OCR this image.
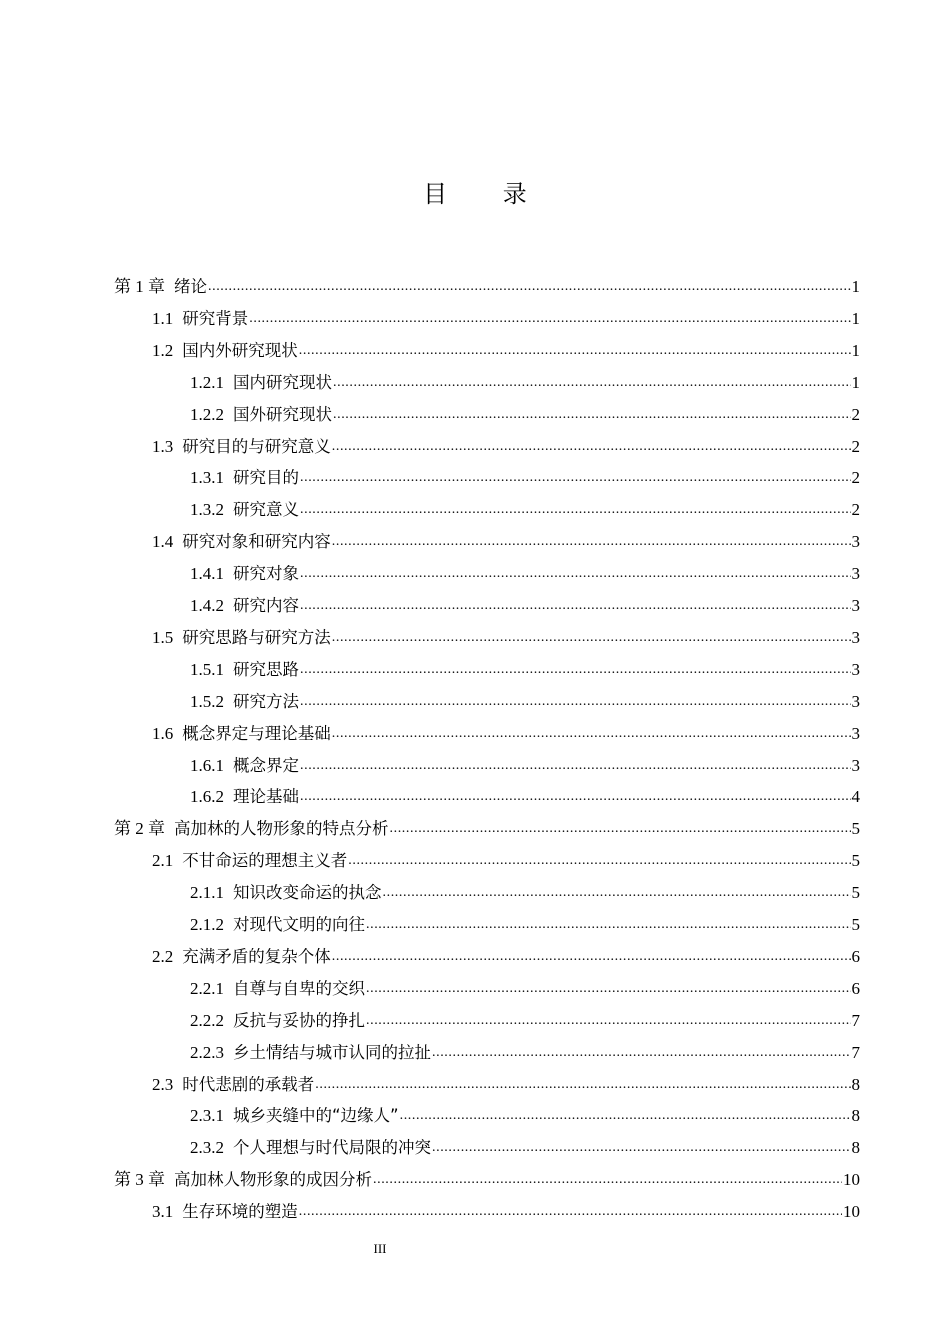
目 录
第 1 章 绪论 .....	1
1.1 研究背景 .....	1
1.2 国内外研究现状 .....	1
1.2.1 国内研究现状 .....	1
1.2.2 国外研究现状 .....	2
1.3 研究目的与研究意义 .....	2
1.3.1 研究目的 .....	2
1.3.2 研究意义 .....	2
1.4 研究对象和研究内容 .....	3
1.4.1 研究对象 .....	3
1.4.2 研究内容 .....	3
1.5 研究思路与研究方法 .....	3
1.5.1 研究思路 .....	3
1.5.2 研究方法 .....	3
1.6 概念界定与理论基础 .....	3
1.6.1 概念界定 .....	3
1.6.2 理论基础 .....	4
第 2 章 高加林的人物形象的特点分析 .....	5
2.1 不甘命运的理想主义者 .....	5
2.1.1 知识改变命运的执念 .....	5
2.1.2 对现代文明的向往 .....	5
2.2 充满矛盾的复杂个体 .....	6
2.2.1 自尊与自卑的交织 .....	6
2.2.2 反抗与妥协的挣扎 .....	7
2.2.3 乡土情结与城市认同的拉扯 .....	7
2.3 时代悲剧的承载者 .....	8
2.3.1 城乡夹缝中的“边缘人” .....	8
2.3.2 个人理想与时代局限的冲突 .....	8
第 3 章 高加林人物形象的成因分析 .....	10
3.1 生存环境的塑造 .....	10
III
